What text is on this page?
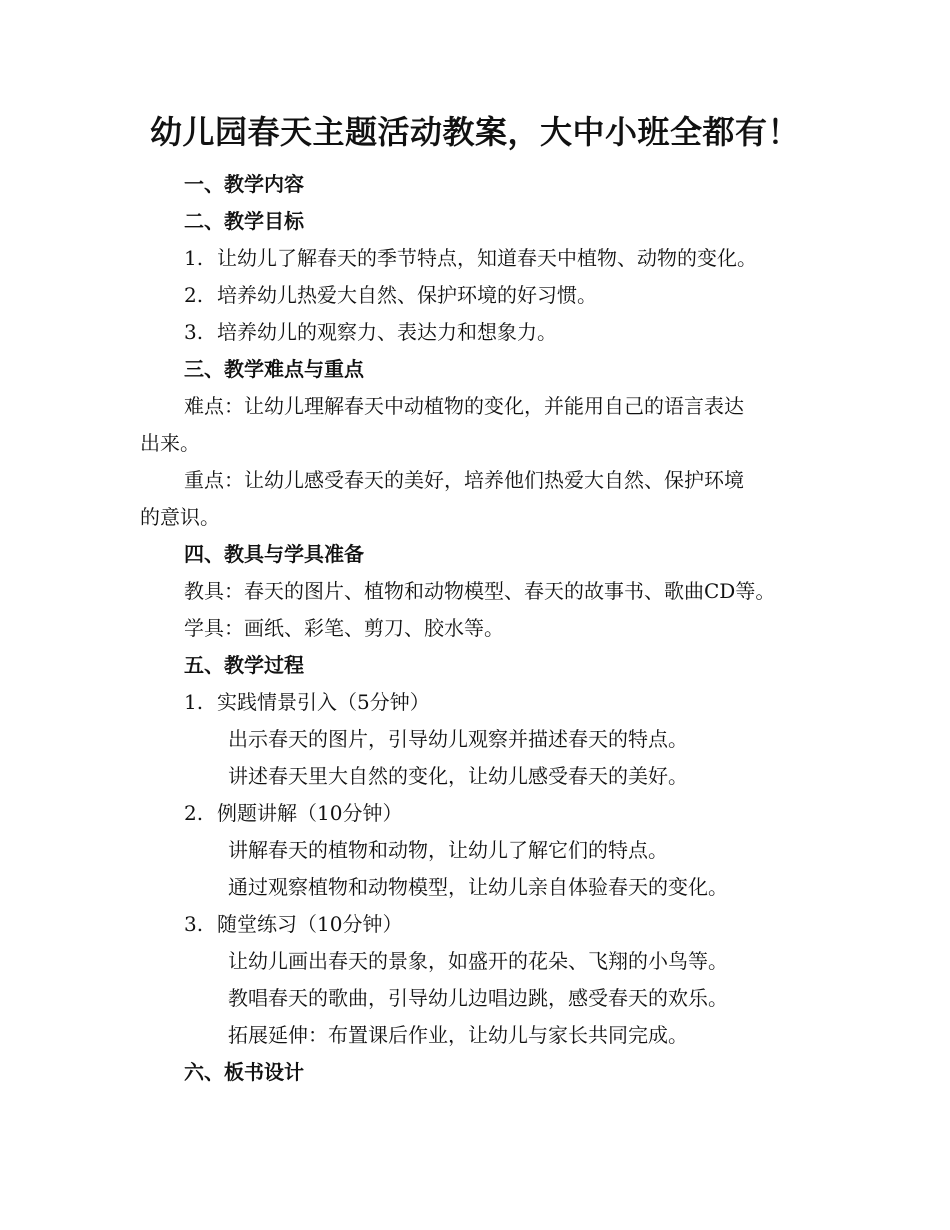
幼儿园春天主题活动教案，大中小班全都有！
一、教学内容
二、教学目标
1. 让幼儿了解春天的季节特点，知道春天中植物、动物的变化。
2. 培养幼儿热爱大自然、保护环境的好习惯。
3. 培养幼儿的观察力、表达力和想象力。
三、教学难点与重点
难点：让幼儿理解春天中动植物的变化，并能用自己的语言表达
出来。
重点：让幼儿感受春天的美好，培养他们热爱大自然、保护环境
的意识。
四、教具与学具准备
教具：春天的图片、植物和动物模型、春天的故事书、歌曲CD等。
学具：画纸、彩笔、剪刀、胶水等。
五、教学过程
1. 实践情景引入（5分钟）
出示春天的图片，引导幼儿观察并描述春天的特点。
讲述春天里大自然的变化，让幼儿感受春天的美好。
2. 例题讲解（10分钟）
讲解春天的植物和动物，让幼儿了解它们的特点。
通过观察植物和动物模型，让幼儿亲自体验春天的变化。
3. 随堂练习（10分钟）
让幼儿画出春天的景象，如盛开的花朵、飞翔的小鸟等。
教唱春天的歌曲，引导幼儿边唱边跳，感受春天的欢乐。
拓展延伸：布置课后作业，让幼儿与家长共同完成。
六、板书设计
